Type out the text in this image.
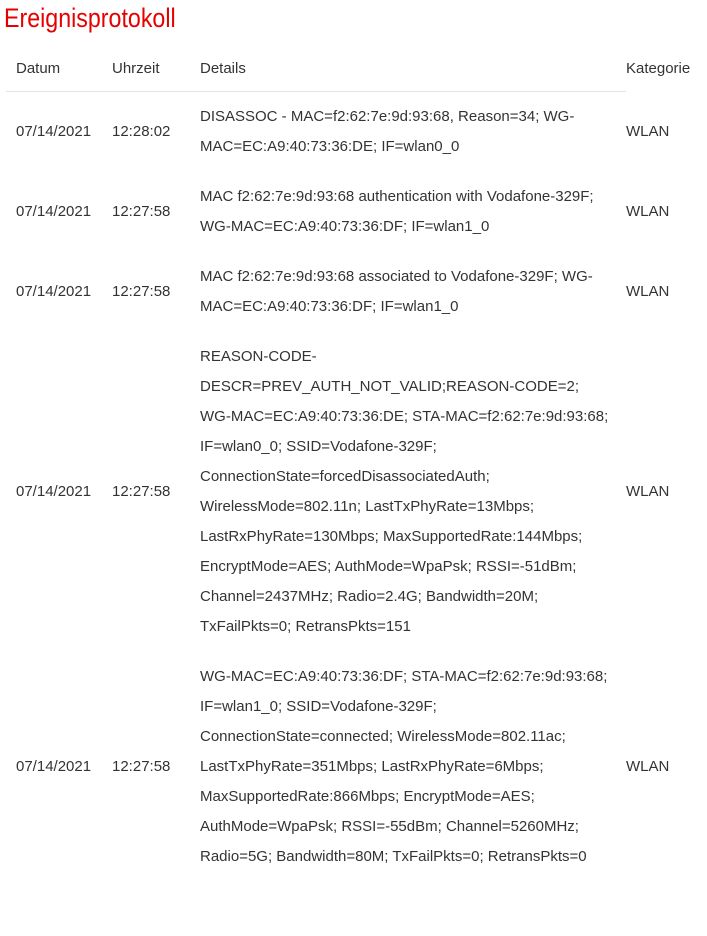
Ereignisprotokoll
Datum	Uhrzeit	Details	Kategorie
07/14/2021	12:28:02	DISASSOC - MAC=f2:62:7e:9d:93:68, Reason=34; WG-MAC=EC:A9:40:73:36:DE; IF=wlan0_0	WLAN
07/14/2021	12:27:58	MAC f2:62:7e:9d:93:68 authentication with Vodafone-329F; WG-MAC=EC:A9:40:73:36:DF; IF=wlan1_0	WLAN
07/14/2021	12:27:58	MAC f2:62:7e:9d:93:68 associated to Vodafone-329F; WG-MAC=EC:A9:40:73:36:DF; IF=wlan1_0	WLAN
07/14/2021	12:27:58	REASON-CODE-DESCR=PREV_AUTH_NOT_VALID;REASON-CODE=2; WG-MAC=EC:A9:40:73:36:DE; STA-MAC=f2:62:7e:9d:93:68; IF=wlan0_0; SSID=Vodafone-329F; ConnectionState=forcedDisassociatedAuth; WirelessMode=802.11n; LastTxPhyRate=13Mbps; LastRxPhyRate=130Mbps; MaxSupportedRate:144Mbps; EncryptMode=AES; AuthMode=WpaPsk; RSSI=-51dBm; Channel=2437MHz; Radio=2.4G; Bandwidth=20M; TxFailPkts=0; RetransPkts=151	WLAN
07/14/2021	12:27:58	WG-MAC=EC:A9:40:73:36:DF; STA-MAC=f2:62:7e:9d:93:68; IF=wlan1_0; SSID=Vodafone-329F; ConnectionState=connected; WirelessMode=802.11ac; LastTxPhyRate=351Mbps; LastRxPhyRate=6Mbps; MaxSupportedRate:866Mbps; EncryptMode=AES; AuthMode=WpaPsk; RSSI=-55dBm; Channel=5260MHz; Radio=5G; Bandwidth=80M; TxFailPkts=0; RetransPkts=0	WLAN
